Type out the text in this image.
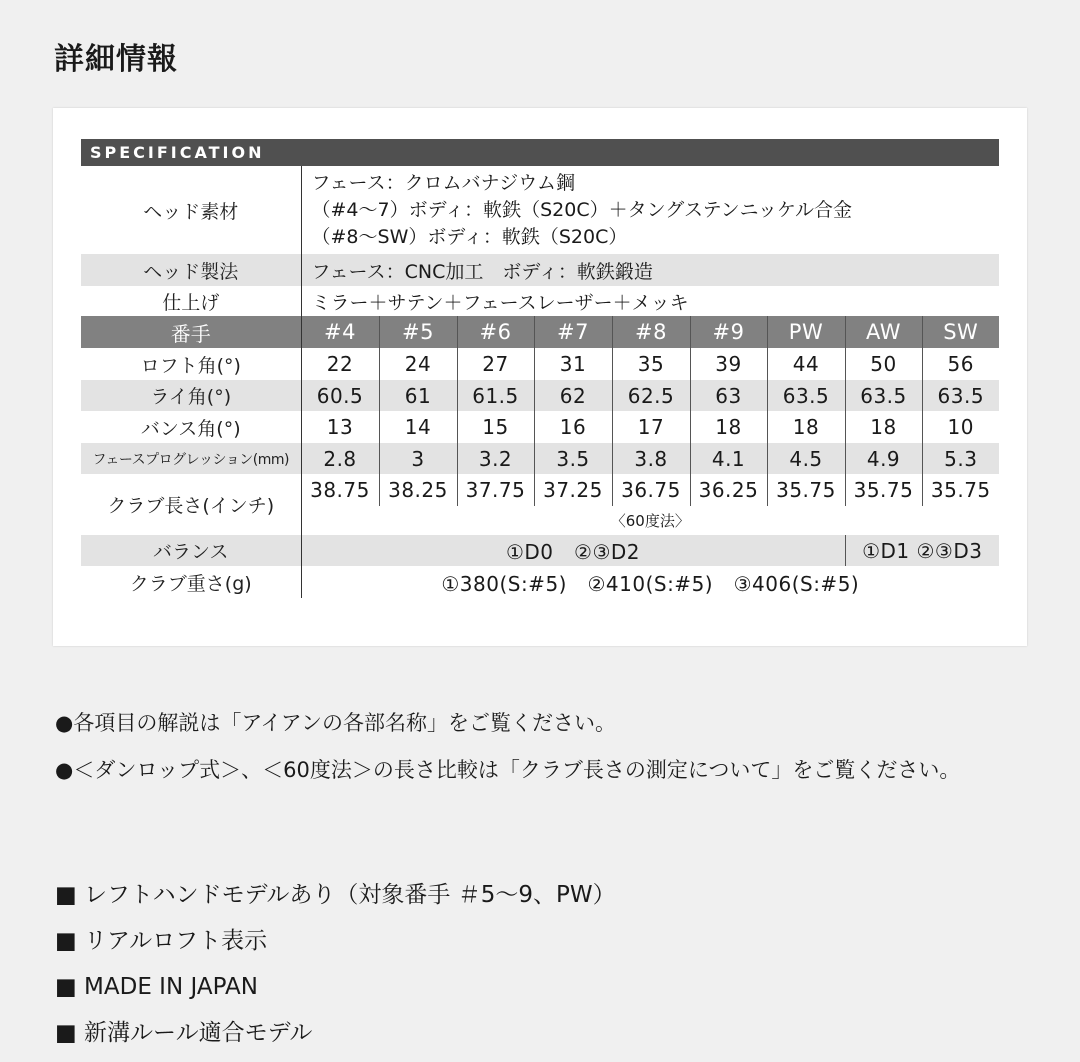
詳細情報
SPECIFICATION									
ヘッド素材	フェース：クロムバナジウム鋼
（#4〜7）ボディ：軟鉄（S20C）＋タングステンニッケル合金
（#8〜SW）ボディ：軟鉄（S20C）								

ヘッド製法	フェース：CNC加工　ボディ：軟鉄鍛造								
仕上げ	ミラー＋サテン＋フェースレーザー＋メッキ								
番手	#4	#5	#6	#7	#8	#9	PW	AW	SW
ロフト角(°)	22	24	27	31	35	39	44	50	56
ライ角(°)	60.5	61	61.5	62	62.5	63	63.5	63.5	63.5
バンス角(°)	13	14	15	16	17	18	18	18	10
フェースプログレッション(mm)	2.8	3	3.2	3.5	3.8	4.1	4.5	4.9	5.3
クラブ長さ(インチ)	38.75	38.25	37.75	37.25	36.75	36.25	35.75	35.75	35.75
	〈60度法〉								
バランス	①D0　②③D2							①D1 ②③D3	
クラブ重さ(g)	①380(S:#5)　②410(S:#5)　③406(S:#5)								

●各項目の解説は「アイアンの各部名称」をご覧ください。

●＜ダンロップ式＞、＜60度法＞の長さ比較は「クラブ長さの測定について」をご覧ください。

■ レフトハンドモデルあり（対象番手 ＃5〜9、PW）
■ リアルロフト表示
■ MADE IN JAPAN
■ 新溝ルール適合モデル
